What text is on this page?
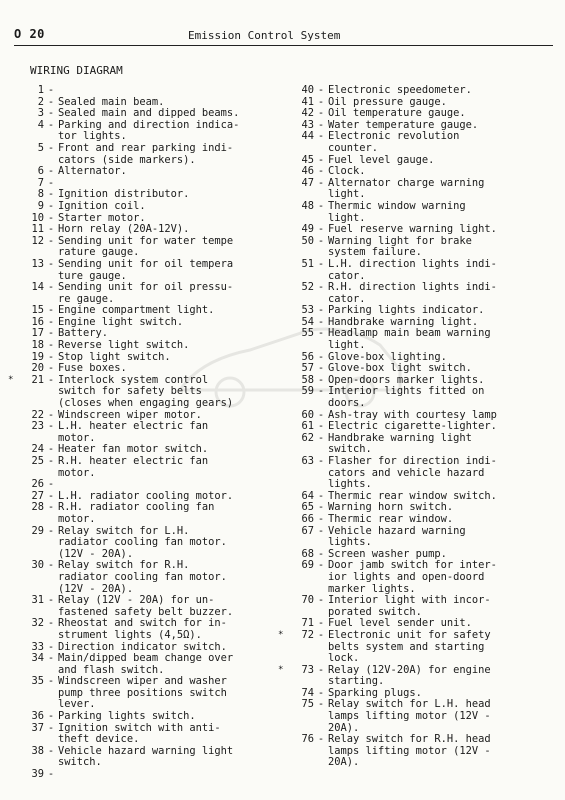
O 20	Emission Control System
WIRING DIAGRAM
1 -
2 - Sealed main beam.
3 - Sealed main and dipped beams.
4 - Parking and direction indica-
tor lights.
5 - Front and rear parking indi-
cators (side markers).
6 - Alternator.
7 -
8 - Ignition distributor.
9 - Ignition coil.
10 - Starter motor.
11 - Horn relay (20A-12V).
12 - Sending unit for water tempe
rature gauge.
13 - Sending unit for oil tempera
ture gauge.
14 - Sending unit for oil pressu-
re gauge.
15 - Engine compartment light.
16 - Engine light switch.
17 - Battery.
18 - Reverse light switch.
19 - Stop light switch.
20 - Fuse boxes.
*	21 - Interlock system control
switch for safety belts
(closes when engaging gears)
22 - Windscreen wiper motor.
23 - L.H. heater electric fan
motor.
24 - Heater fan motor switch.
25 - R.H. heater electric fan
motor.
26 -
27 - L.H. radiator cooling motor.
28 - R.H. radiator cooling fan
motor.
29 - Relay switch for L.H.
radiator cooling fan motor.
(12V - 20A).
30 - Relay switch for R.H.
radiator cooling fan motor.
(12V - 20A).
31 - Relay (12V - 20A) for un-
fastened safety belt buzzer.
32 - Rheostat and switch for in-
strument lights (4,5Ω).
33 - Direction indicator switch.
34 - Main/dipped beam change over
and flash switch.
35 - Windscreen wiper and washer
pump three positions switch
lever.
36 - Parking lights switch.
37 - Ignition switch with anti-
theft device.
38 - Vehicle hazard warning light
switch.
39 -
40 - Electronic speedometer.
41 - Oil pressure gauge.
42 - Oil temperature gauge.
43 - Water temperature gauge.
44 - Electronic revolution
counter.
45 - Fuel level gauge.
46 - Clock.
47 - Alternator charge warning
light.
48 - Thermic window warning
light.
49 - Fuel reserve warning light.
50 - Warning light for brake
system failure.
51 - L.H. direction lights indi-
cator.
52 - R.H. direction lights indi-
cator.
53 - Parking lights indicator.
54 - Handbrake warning light.
55 - Headlamp main beam warning
light.
56 - Glove-box lighting.
57 - Glove-box light switch.
58 - Open-doors marker lights.
59 - Interior lights fitted on
doors.
60 - Ash-tray with courtesy lamp
61 - Electric cigarette-lighter.
62 - Handbrake warning light
switch.
63 - Flasher for direction indi-
cators and vehicle hazard
lights.
64 - Thermic rear window switch.
65 - Warning horn switch.
66 - Thermic rear window.
67 - Vehicle hazard warning
lights.
68 - Screen washer pump.
69 - Door jamb switch for inter-
ior lights and open-doord
marker lights.
70 - Interior light with incor-
porated switch.
71 - Fuel level sender unit.
*	72 - Electronic unit for safety
belts system and starting
lock.
*	73 - Relay (12V-20A) for engine
starting.
74 - Sparking plugs.
75 - Relay switch for L.H. head
lamps lifting motor (12V -
20A).
76 - Relay switch for R.H. head
lamps lifting motor (12V -
20A).
